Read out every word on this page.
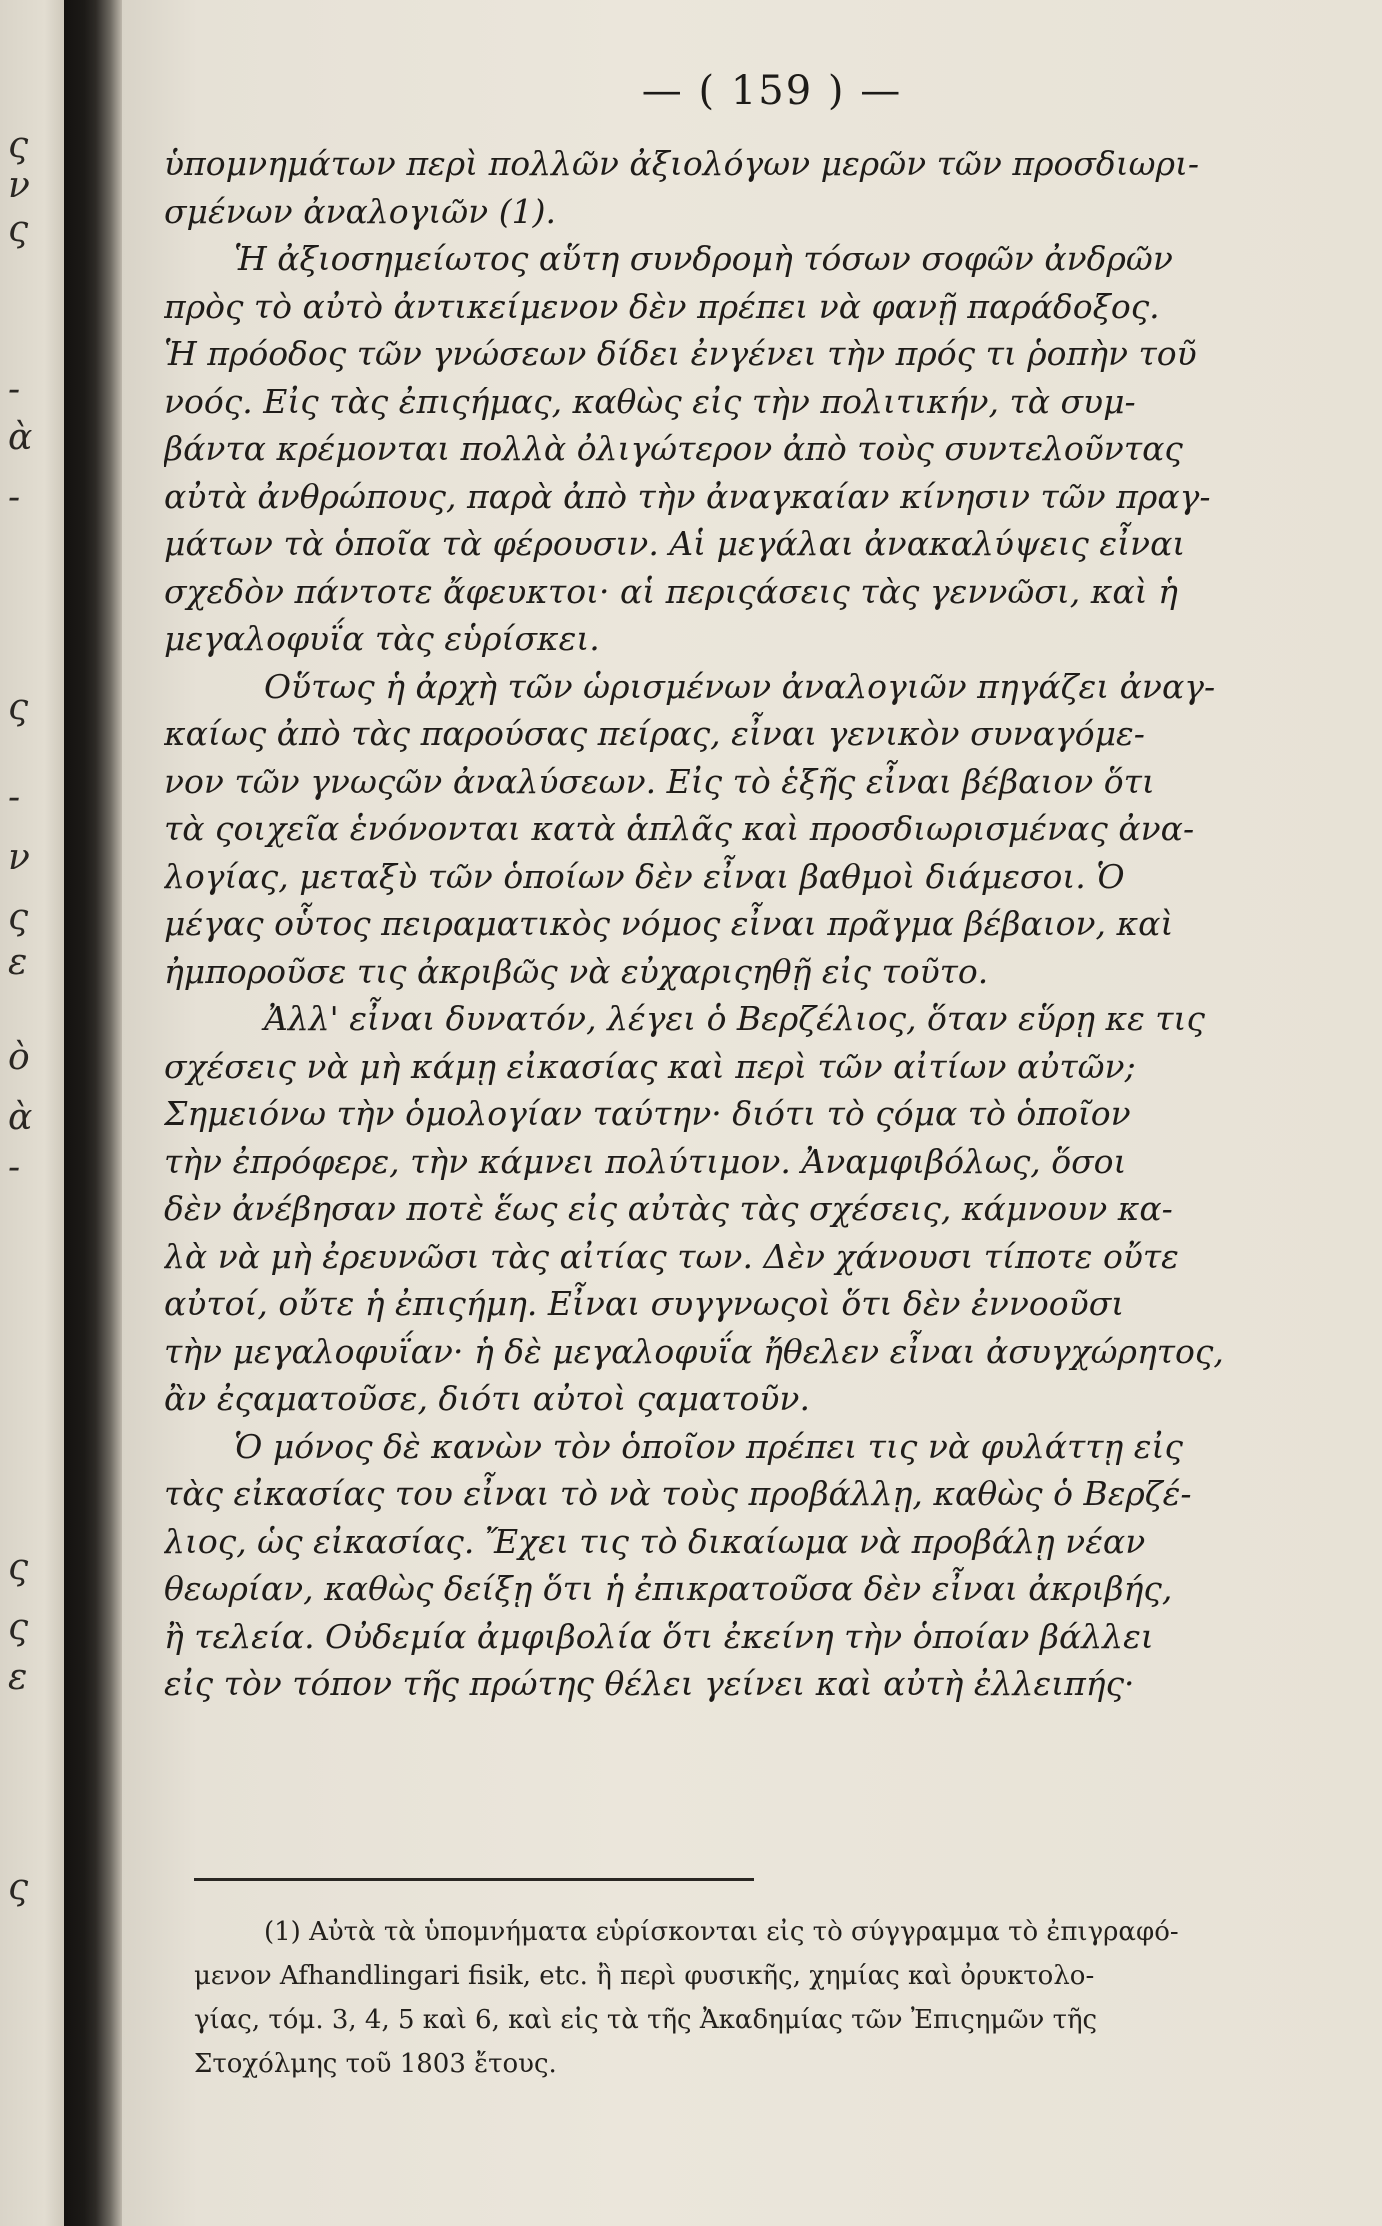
ς
ν
ς
-
ὰ
-
ς
-
ν
ς
ε
ὸ
ὰ
-
ς
ς
ε
ς
— ( 159 ) —
ὑπομνημάτων περὶ πολλῶν ἀξιολόγων μερῶν τῶν προσδιωρι-
σμένων ἀναλογιῶν (1).
Ἡ ἀξιοσημείωτος αὕτη συνδρομὴ τόσων σοφῶν ἀνδρῶν
πρὸς τὸ αὐτὸ ἀντικείμενον δὲν πρέπει νὰ φανῇ παράδοξος.
Ἡ πρόοδος τῶν γνώσεων δίδει ἐνγένει τὴν πρός τι ῥοπὴν τοῦ
νοός. Εἰς τὰς ἐπιςήμας, καθὼς εἰς τὴν πολιτικήν, τὰ συμ-
βάντα κρέμονται πολλὰ ὀλιγώτερον ἀπὸ τοὺς συντελοῦντας
αὐτὰ ἀνθρώπους, παρὰ ἀπὸ τὴν ἀναγκαίαν κίνησιν τῶν πραγ-
μάτων τὰ ὁποῖα τὰ φέρουσιν. Αἱ μεγάλαι ἀνακαλύψεις εἶναι
σχεδὸν πάντοτε ἄφευκτοι· αἱ περιςάσεις τὰς γεννῶσι, καὶ ἡ
μεγαλοφυΐα τὰς εὑρίσκει.
Οὕτως ἡ ἀρχὴ τῶν ὡρισμένων ἀναλογιῶν πηγάζει ἀναγ-
καίως ἀπὸ τὰς παρούσας πείρας, εἶναι γενικὸν συναγόμε-
νον τῶν γνωςῶν ἀναλύσεων. Εἰς τὸ ἑξῆς εἶναι βέβαιον ὅτι
τὰ ςοιχεῖα ἑνόνονται κατὰ ἁπλᾶς καὶ προσδιωρισμένας ἀνα-
λογίας, μεταξὺ τῶν ὁποίων δὲν εἶναι βαθμοὶ διάμεσοι. Ὁ
μέγας οὗτος πειραματικὸς νόμος εἶναι πρᾶγμα βέβαιον, καὶ
ἠμποροῦσε τις ἀκριβῶς νὰ εὐχαριςηθῇ εἰς τοῦτο.
Ἀλλ' εἶναι δυνατόν, λέγει ὁ Βερζέλιος, ὅταν εὕρῃ κε τις
σχέσεις νὰ μὴ κάμῃ εἰκασίας καὶ περὶ τῶν αἰτίων αὐτῶν;
Σημειόνω τὴν ὁμολογίαν ταύτην· διότι τὸ ςόμα τὸ ὁποῖον
τὴν ἐπρόφερε, τὴν κάμνει πολύτιμον. Ἀναμφιβόλως, ὅσοι
δὲν ἀνέβησαν ποτὲ ἕως εἰς αὐτὰς τὰς σχέσεις, κάμνουν κα-
λὰ νὰ μὴ ἐρευνῶσι τὰς αἰτίας των. Δὲν χάνουσι τίποτε οὔτε
αὐτοί, οὔτε ἡ ἐπιςήμη. Εἶναι συγγνωςοὶ ὅτι δὲν ἐννοοῦσι
τὴν μεγαλοφυΐαν· ἡ δὲ μεγαλοφυΐα ἤθελεν εἶναι ἀσυγχώρητος,
ἂν ἐςαματοῦσε, διότι αὐτοὶ ςαματοῦν.
Ὁ μόνος δὲ κανὼν τὸν ὁποῖον πρέπει τις νὰ φυλάττῃ εἰς
τὰς εἰκασίας του εἶναι τὸ νὰ τοὺς προβάλλῃ, καθὼς ὁ Βερζέ-
λιος, ὡς εἰκασίας. Ἔχει τις τὸ δικαίωμα νὰ προβάλῃ νέαν
θεωρίαν, καθὼς δείξῃ ὅτι ἡ ἐπικρατοῦσα δὲν εἶναι ἀκριβής,
ἢ τελεία. Οὐδεμία ἀμφιβολία ὅτι ἐκείνη τὴν ὁποίαν βάλλει
εἰς τὸν τόπον τῆς πρώτης θέλει γείνει καὶ αὐτὴ ἐλλειπής·
(1) Αὐτὰ τὰ ὑπομνήματα εὑρίσκονται εἰς τὸ σύγγραμμα τὸ ἐπιγραφό-
μενον Afhandlingari fisik, etc. ἢ περὶ φυσικῆς, χημίας καὶ ὀρυκτολο-
γίας, τόμ. 3, 4, 5 καὶ 6, καὶ εἰς τὰ τῆς Ἀκαδημίας τῶν Ἐπιςημῶν τῆς
Στοχόλμης τοῦ 1803 ἔτους.
